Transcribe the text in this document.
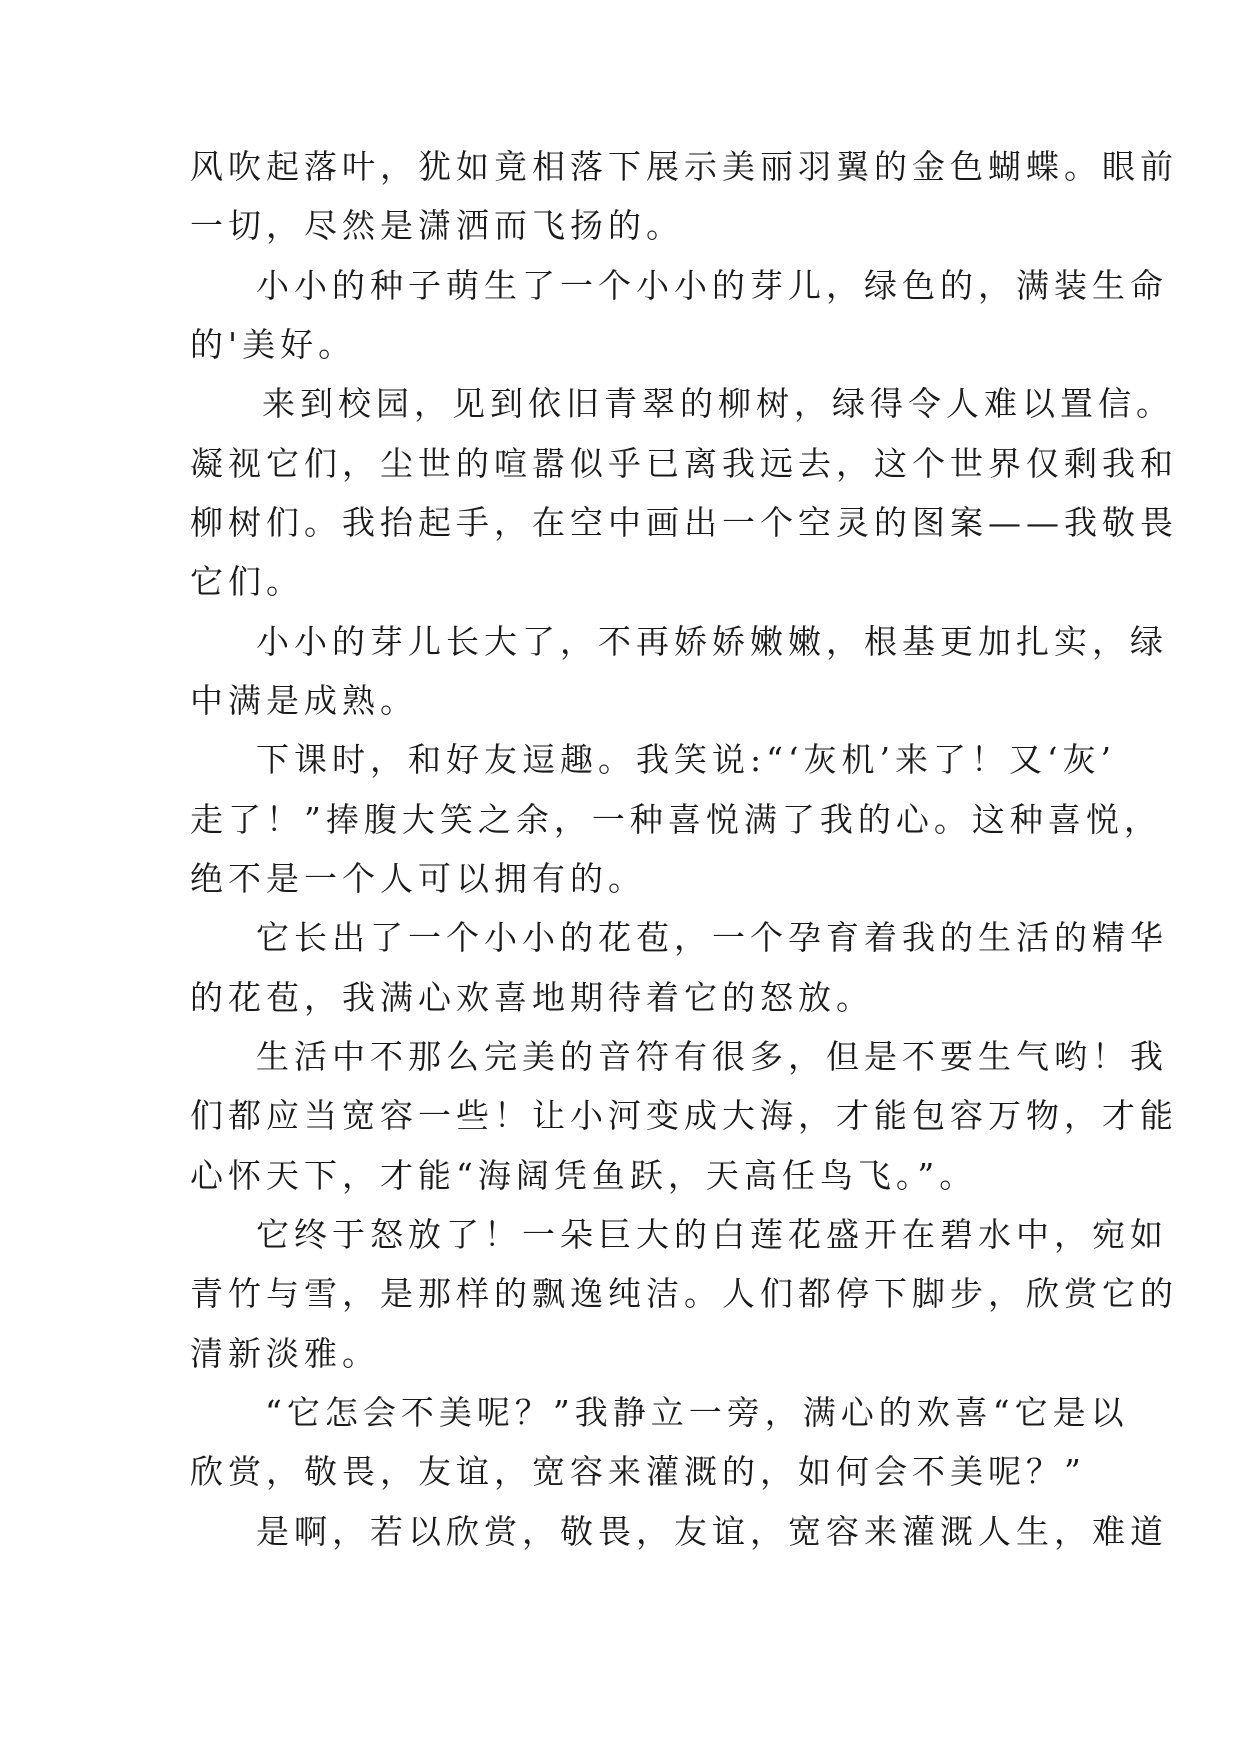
风吹起落叶，犹如竟相落下展示美丽羽翼的金色蝴蝶。眼前

一切，尽然是潇洒而飞扬的。

小小的种子萌生了一个小小的芽儿，绿色的，满装生命

的'美好。

来到校园，见到依旧青翠的柳树，绿得令人难以置信。

凝视它们，尘世的喧嚣似乎已离我远去，这个世界仅剩我和

柳树们。我抬起手，在空中画出一个空灵的图案——我敬畏

它们。

小小的芽儿长大了，不再娇娇嫩嫩，根基更加扎实，绿

中满是成熟。

下课时，和好友逗趣。我笑说:“‘灰机’来了！又‘灰’

走了！”捧腹大笑之余，一种喜悦满了我的心。这种喜悦，

绝不是一个人可以拥有的。

它长出了一个小小的花苞，一个孕育着我的生活的精华

的花苞，我满心欢喜地期待着它的怒放。

生活中不那么完美的音符有很多，但是不要生气哟！我

们都应当宽容一些！让小河变成大海，才能包容万物，才能

心怀天下，才能“海阔凭鱼跃，天高任鸟飞。”。

它终于怒放了！一朵巨大的白莲花盛开在碧水中，宛如

青竹与雪，是那样的飘逸纯洁。人们都停下脚步，欣赏它的

清新淡雅。

“它怎会不美呢？”我静立一旁，满心的欢喜“它是以

欣赏，敬畏，友谊，宽容来灌溉的，如何会不美呢？”

是啊，若以欣赏，敬畏，友谊，宽容来灌溉人生，难道
